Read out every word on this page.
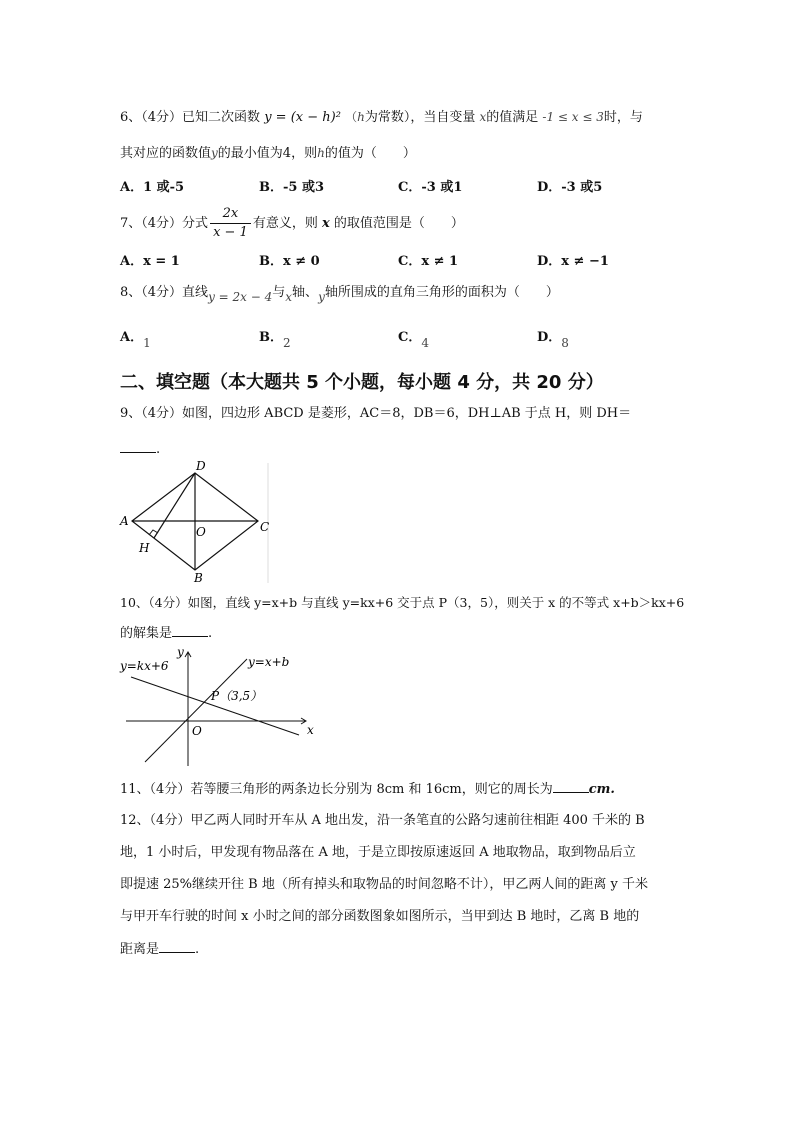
6、（4分）已知二次函数 y = (x − h)² （h为常数），当自变量 x的值满足 -1 ≤ x ≤ 3时，与
其对应的函数值y的最小值为4，则h的值为（　　）
A．1 或-5	B．-5 或3	C．-3 或1	D．-3 或5
7、（4分）分式 $\frac{2x}{x - 1}$ 有意义，则 x 的取值范围是（　　）
A．x = 1	B．x ≠ 0	C．x ≠ 1	D．x ≠ −1
8、（4分）直线y = 2x − 4与x轴、y轴所围成的直角三角形的面积为（　　）
A．1	B．2	C．4	D．8
二、填空题（本大题共 5 个小题，每小题 4 分，共 20 分）
9、（4分）如图，四边形 ABCD 是菱形，AC＝8，DB＝6，DH⊥AB 于点 H，则 DH＝
.
A
B
C
D
O
H
10、（4分）如图，直线 y=x+b 与直线 y=kx+6 交于点 P（3，5），则关于 x 的不等式 x+b＞kx+6
的解集是	.
y=kx+6	y=x+b
P（3,5）
x
y
O
11、（4分）若等腰三角形的两条边长分别为 8cm 和 16cm，则它的周长为	cm.
12、（4分）甲乙两人同时开车从 A 地出发，沿一条笔直的公路匀速前往相距 400 千米的 B
地，1 小时后，甲发现有物品落在 A 地，于是立即按原速返回 A 地取物品，取到物品后立
即提速 25%继续开往 B 地（所有掉头和取物品的时间忽略不计），甲乙两人间的距离 y 千米
与甲开车行驶的时间 x 小时之间的部分函数图象如图所示，当甲到达 B 地时，乙离 B 地的
距离是	.
